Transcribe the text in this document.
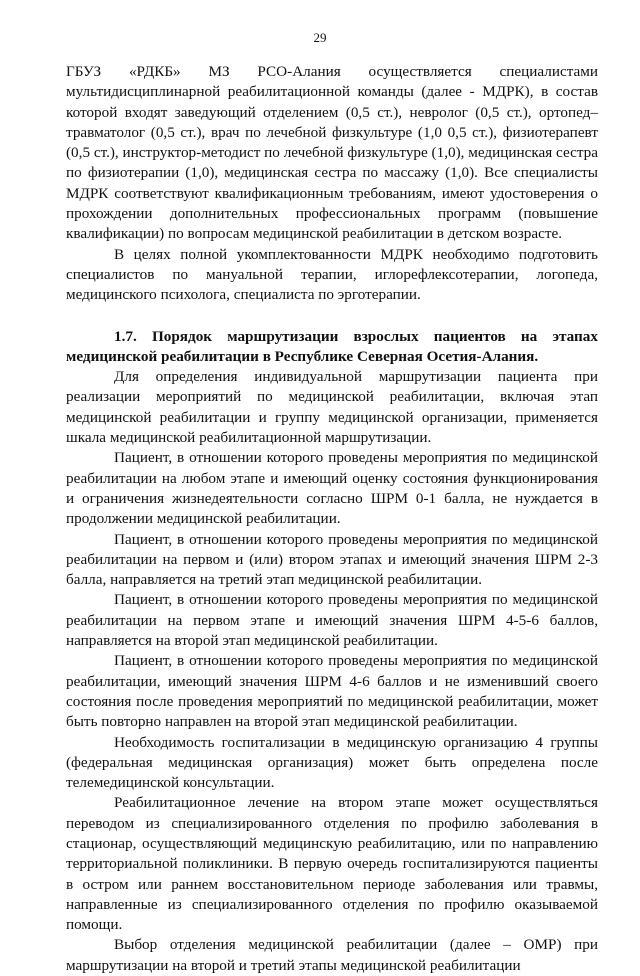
29

ГБУЗ «РДКБ» МЗ РСО-Алания осуществляется специалистами мультидисциплинарной реабилитационной команды (далее - МДРК), в состав которой входят заведующий отделением (0,5 ст.), невролог (0,5 ст.), ортопед–травматолог (0,5 ст.), врач по лечебной физкультуре (1,0 0,5 ст.), физиотерапевт (0,5 ст.), инструктор-методист по лечебной физкультуре (1,0), медицинская сестра по физиотерапии (1,0), медицинская сестра по массажу (1,0). Все специалисты МДРК соответствуют квалификационным требованиям, имеют удостоверения о прохождении дополнительных профессиональных программ (повышение квалификации) по вопросам медицинской реабилитации в детском возрасте.

В целях полной укомплектованности МДРК необходимо подготовить специалистов по мануальной терапии, иглорефлексотерапии, логопеда, медицинского психолога, специалиста по эрготерапии.

1.7. Порядок маршрутизации взрослых пациентов на этапах медицинской реабилитации в Республике Северная Осетия-Алания.

Для определения индивидуальной маршрутизации пациента при реализации мероприятий по медицинской реабилитации, включая этап медицинской реабилитации и группу медицинской организации, применяется шкала медицинской реабилитационной маршрутизации.

Пациент, в отношении которого проведены мероприятия по медицинской реабилитации на любом этапе и имеющий оценку состояния функционирования и ограничения жизнедеятельности согласно ШРМ 0-1 балла, не нуждается в продолжении медицинской реабилитации.

Пациент, в отношении которого проведены мероприятия по медицинской реабилитации на первом и (или) втором этапах и имеющий значения ШРМ 2-3 балла, направляется на третий этап медицинской реабилитации.

Пациент, в отношении которого проведены мероприятия по медицинской реабилитации на первом этапе и имеющий значения ШРМ 4-5-6 баллов, направляется на второй этап медицинской реабилитации.

Пациент, в отношении которого проведены мероприятия по медицинской реабилитации, имеющий значения ШРМ 4-6 баллов и не изменивший своего состояния после проведения мероприятий по медицинской реабилитации, может быть повторно направлен на второй этап медицинской реабилитации.

Необходимость госпитализации в медицинскую организацию 4 группы (федеральная медицинская организация) может быть определена после телемедицинской консультации.

Реабилитационное лечение на втором этапе может осуществляться переводом из специализированного отделения по профилю заболевания в стационар, осуществляющий медицинскую реабилитацию, или по направлению территориальной поликлиники. В первую очередь госпитализируются пациенты в остром или раннем восстановительном периоде заболевания или травмы, направленные из специализированного отделения по профилю оказываемой помощи.

Выбор отделения медицинской реабилитации (далее – ОМР) при маршрутизации на второй и третий этапы медицинской реабилитации
